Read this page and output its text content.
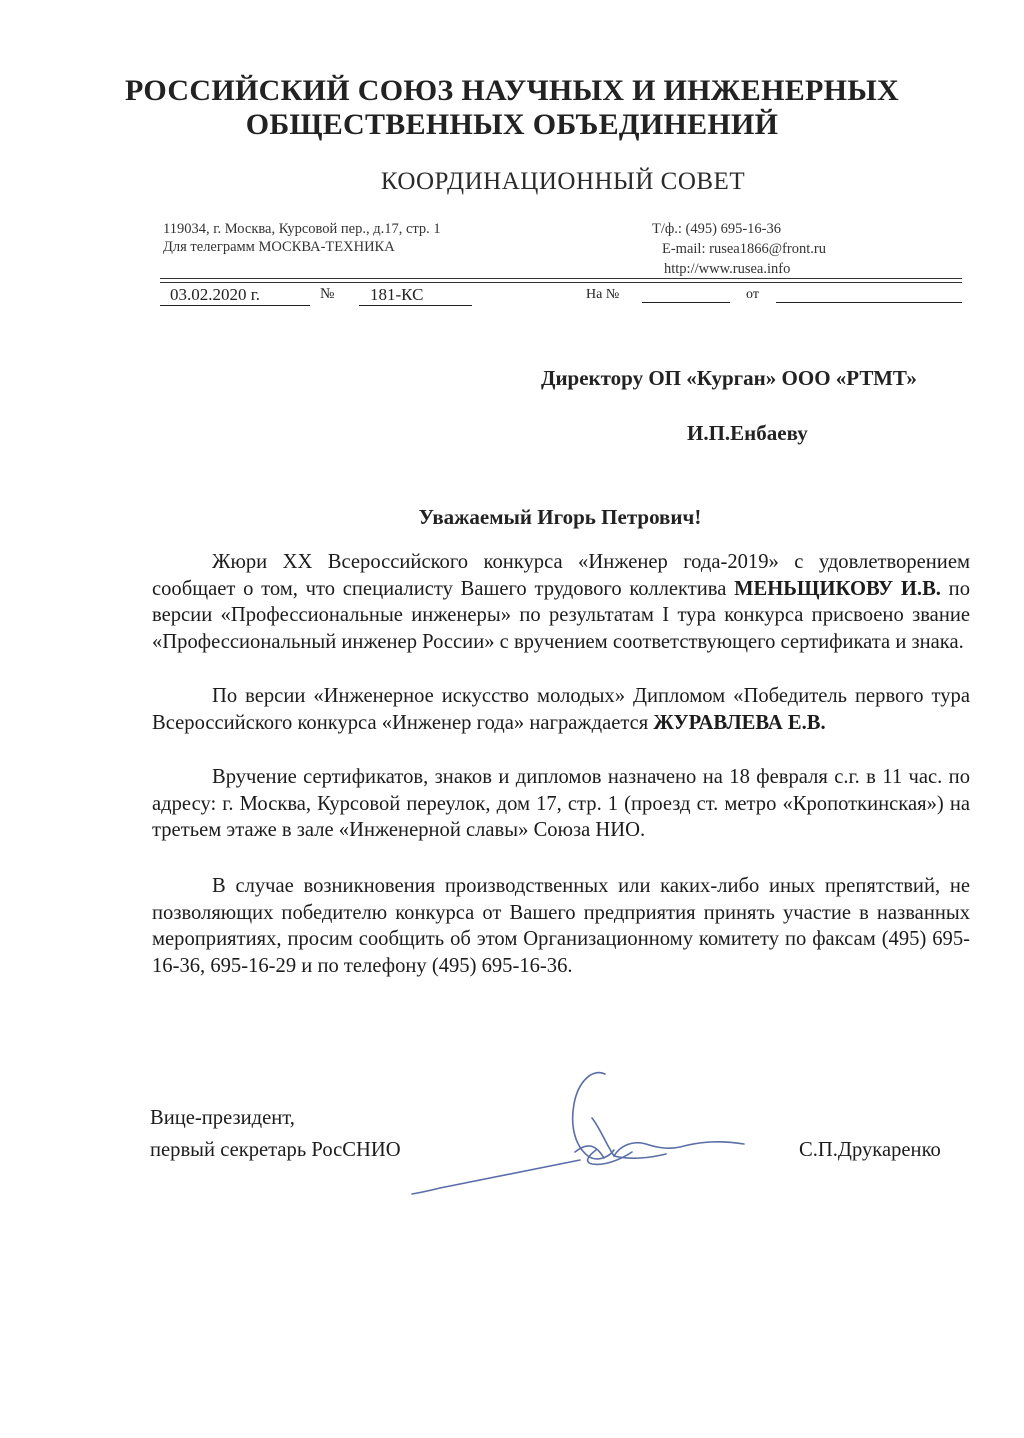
РОССИЙСКИЙ СОЮЗ НАУЧНЫХ И ИНЖЕНЕРНЫХ
ОБЩЕСТВЕННЫХ ОБЪЕДИНЕНИЙ
КООРДИНАЦИОННЫЙ СОВЕТ
119034, г. Москва, Курсовой пер., д.17, стр. 1
Для телеграмм МОСКВА-ТЕХНИКА
Т/ф.: (495) 695-16-36
E-mail: rusea1866@front.ru
http://www.rusea.info
03.02.2020 г.	№	181-КС	На №	от
Директору ОП «Курган» ООО «РТМТ»
И.П.Енбаеву
Уважаемый Игорь Петрович!

Жюри XX Всероссийского конкурса «Инженер года-2019» с удовлетворением сообщает о том, что специалисту Вашего трудового коллектива МЕНЬЩИКОВУ И.В. по версии «Профессиональные инженеры» по результатам I тура конкурса присвоено звание «Профессиональный инженер России» с вручением соответствующего сертификата и знака.

По версии «Инженерное искусство молодых» Дипломом «Победитель первого тура Всероссийского конкурса «Инженер года» награждается ЖУРАВЛЕВА Е.В.

Вручение сертификатов, знаков и дипломов назначено на 18 февраля с.г. в 11 час. по адресу: г. Москва, Курсовой переулок, дом 17, стр. 1 (проезд ст. метро «Кропоткинская») на третьем этаже в зале «Инженерной славы» Союза НИО.

В случае возникновения производственных или каких-либо иных препятствий, не позволяющих победителю конкурса от Вашего предприятия принять участие в названных мероприятиях, просим сообщить об этом Организационному комитету по факсам (495) 695-16-36, 695-16-29 и по телефону (495) 695-16-36.

Вице-президент,
первый секретарь РосСНИО	С.П.Друкаренко
